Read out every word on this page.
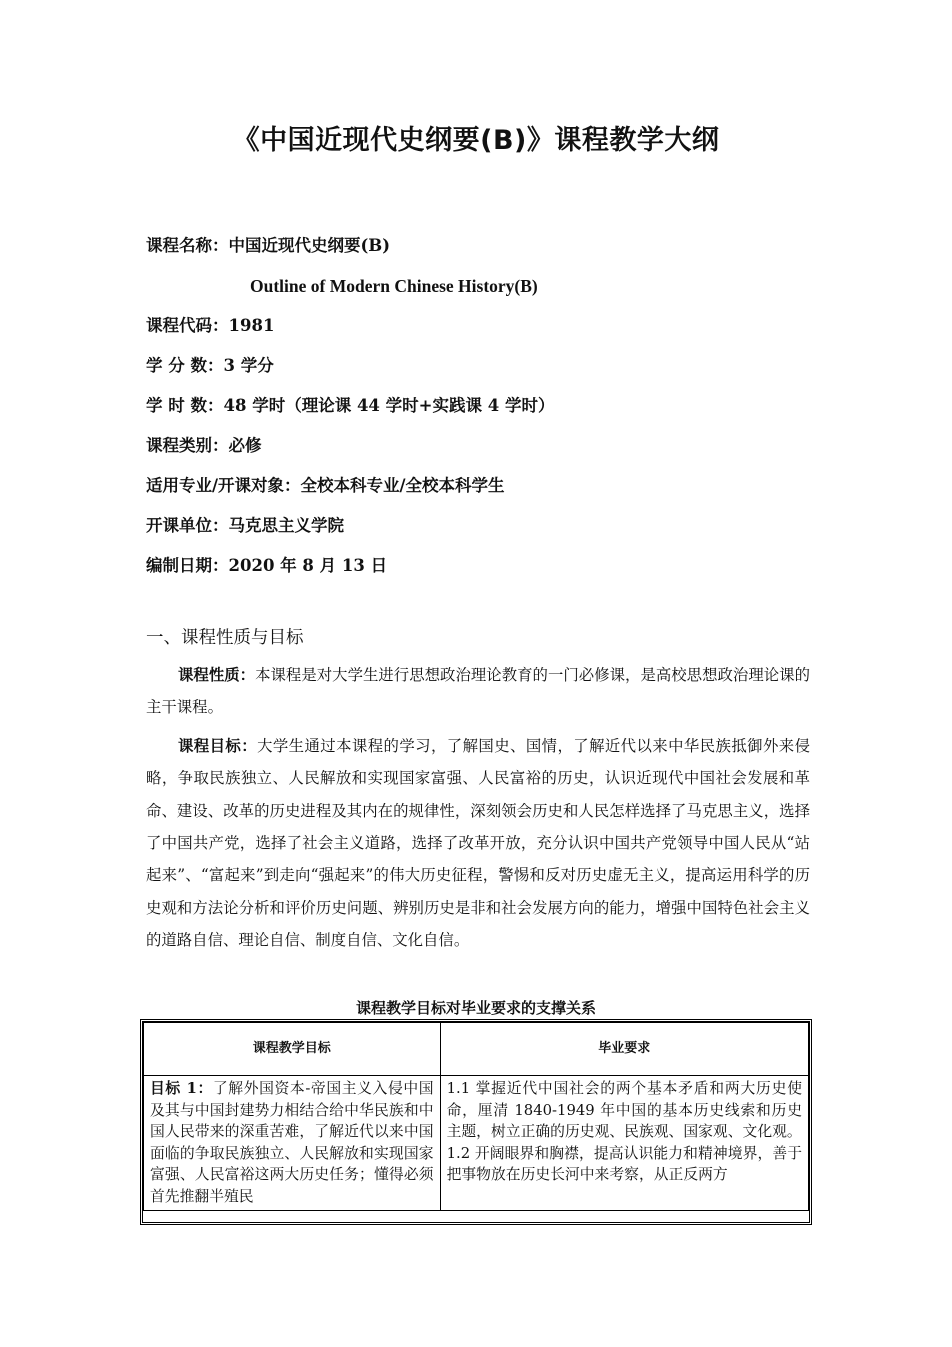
《中国近现代史纲要(B)》课程教学大纲
课程名称：中国近现代史纲要(B)
Outline of Modern Chinese History(B)
课程代码：1981
学 分 数：3 学分
学 时 数：48 学时（理论课 44 学时+实践课 4 学时）
课程类别：必修
适用专业/开课对象：全校本科专业/全校本科学生
开课单位：马克思主义学院
编制日期：2020 年 8 月 13 日
一、课程性质与目标

课程性质：本课程是对大学生进行思想政治理论教育的一门必修课，是高校思想政治理论课的主干课程。

课程目标：大学生通过本课程的学习，了解国史、国情，了解近代以来中华民族抵御外来侵略，争取民族独立、人民解放和实现国家富强、人民富裕的历史，认识近现代中国社会发展和革命、建设、改革的历史进程及其内在的规律性，深刻领会历史和人民怎样选择了马克思主义，选择了中国共产党，选择了社会主义道路，选择了改革开放，充分认识中国共产党领导中国人民从“站起来”、“富起来”到走向“强起来”的伟大历史征程，警惕和反对历史虚无主义，提高运用科学的历史观和方法论分析和评价历史问题、辨别历史是非和社会发展方向的能力，增强中国特色社会主义的道路自信、理论自信、制度自信、文化自信。

课程教学目标对毕业要求的支撑关系
课程教学目标	毕业要求
目标 1：了解外国资本-帝国主义入侵中国及其与中国封建势力相结合给中华民族和中国人民带来的深重苦难，了解近代以来中国面临的争取民族独立、人民解放和实现国家富强、人民富裕这两大历史任务；懂得必须首先推翻半殖民	1.1 掌握近代中国社会的两个基本矛盾和两大历史使命，厘清 1840-1949 年中国的基本历史线索和历史主题，树立正确的历史观、民族观、国家观、文化观。
1.2 开阔眼界和胸襟，提高认识能力和精神境界，善于把事物放在历史长河中来考察，从正反两方
